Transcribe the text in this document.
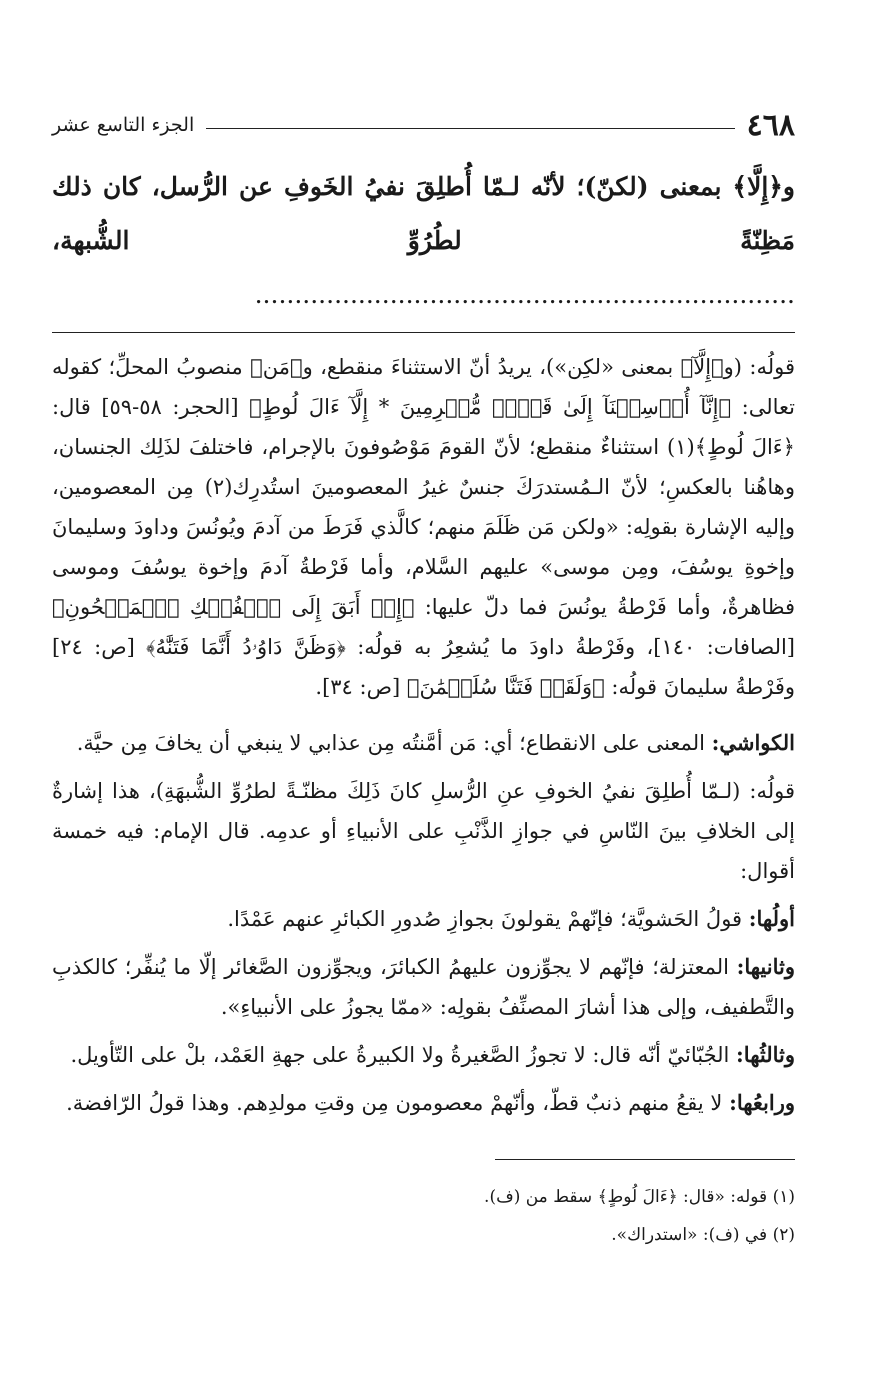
٤٦٨
الجزء التاسع عشر
و﴿إِلَّا﴾ بمعنى (لكنّ)؛ لأنّه لـمّا أُطلِقَ نفيُ الخَوفِ عن الرُّسل، كان ذلك مَظِنّةً لطُرُوِّ الشُّبهة، ....................................................................

قولُه: (و﴿إِلَّآ﴾ بمعنى «لكِن»)، يريدُ أنّ الاستثناءَ منقطع، و﴿مَن﴾ منصوبُ المحلِّ؛ كقوله تعالى: ﴿إِنَّآ أُرۡسِلۡنَآ إِلَىٰ قَوۡمٖ مُّجۡرِمِينَ * إِلَّآ ءَالَ لُوطٍ﴾ [الحجر: ٥٨-٥٩] قال: ﴿ءَالَ لُوطٍ﴾(١) استثناءٌ منقطع؛ لأنّ القومَ مَوْصُوفونَ بالإجرام، فاختلفَ لذَلِك الجنسان، وهاهُنا بالعكسِ؛ لأنّ الـمُستدرَكَ جنسٌ غيرُ المعصومينَ استُدرِك(٢) مِن المعصومين، وإليه الإشارة بقولِه: «ولكن مَن ظَلَمَ منهم؛ كالَّذي فَرَطَ من آدمَ ويُونُسَ وداودَ وسليمانَ وإخوةِ يوسُفَ، ومِن موسى» عليهم السَّلام، وأما فَرْطةُ آدمَ وإخوة يوسُفَ وموسى فظاهرةٌ، وأما فَرْطةُ يونُسَ فما دلّ عليها: ﴿إِذۡ أَبَقَ إِلَى ٱلۡفُلۡكِ ٱلۡمَشۡحُونِ﴾ [الصافات: ١٤٠]، وفَرْطةُ داودَ ما يُشعِرُ به قولُه: ﴿وَظَنَّ دَاوُۥدُ أَنَّمَا فَتَنَّٰهُ﴾ [ص: ٢٤] وفَرْطةُ سليمانَ قولُه: ﴿وَلَقَدۡ فَتَنَّا سُلَيۡمَٰنَ﴾ [ص: ٣٤].

الكواشي: المعنى على الانقطاع؛ أي: مَن أمَّنتُه مِن عذابي لا ينبغي أن يخافَ مِن حيَّة.

قولُه: (لـمّا أُطلِقَ نفيُ الخوفِ عنِ الرُّسلِ كانَ ذَلِكَ مظنّـةً لطرُوِّ الشُّبهَةِ)، هذا إشارةٌ إلى الخلافِ بينَ النّاسِ في جوازِ الذَّنْبِ على الأنبياءِ أو عدمِه. قال الإمام: فيه خمسة أقوال:

أولُها: قولُ الحَشويَّة؛ فإنّهمْ يقولونَ بجوازِ صُدورِ الكبائرِ عنهم عَمْدًا.

وثانيها: المعتزلة؛ فإنّهم لا يجوِّزون عليهمُ الكبائرَ، ويجوِّزون الصَّغائر إلّا ما يُنفِّر؛ كالكذبِ والتَّطفيف، وإلى هذا أشارَ المصنِّفُ بقولِه: «ممّا يجوزُ على الأنبياءِ».

وثالثُها: الجُبّائيّ أنّه قال: لا تجوزُ الصَّغيرةُ ولا الكبيرةُ على جهةِ العَمْد، بلْ على التّأويل.

ورابعُها: لا يقعُ منهم ذنبٌ قطّ، وأنّهمْ معصومون مِن وقتِ مولدِهم. وهذا قولُ الرّافضة.

(١) قوله: «قال: ﴿ءَالَ لُوطٍ﴾ سقط من (ف).
(٢) في (ف): «استدراك».
